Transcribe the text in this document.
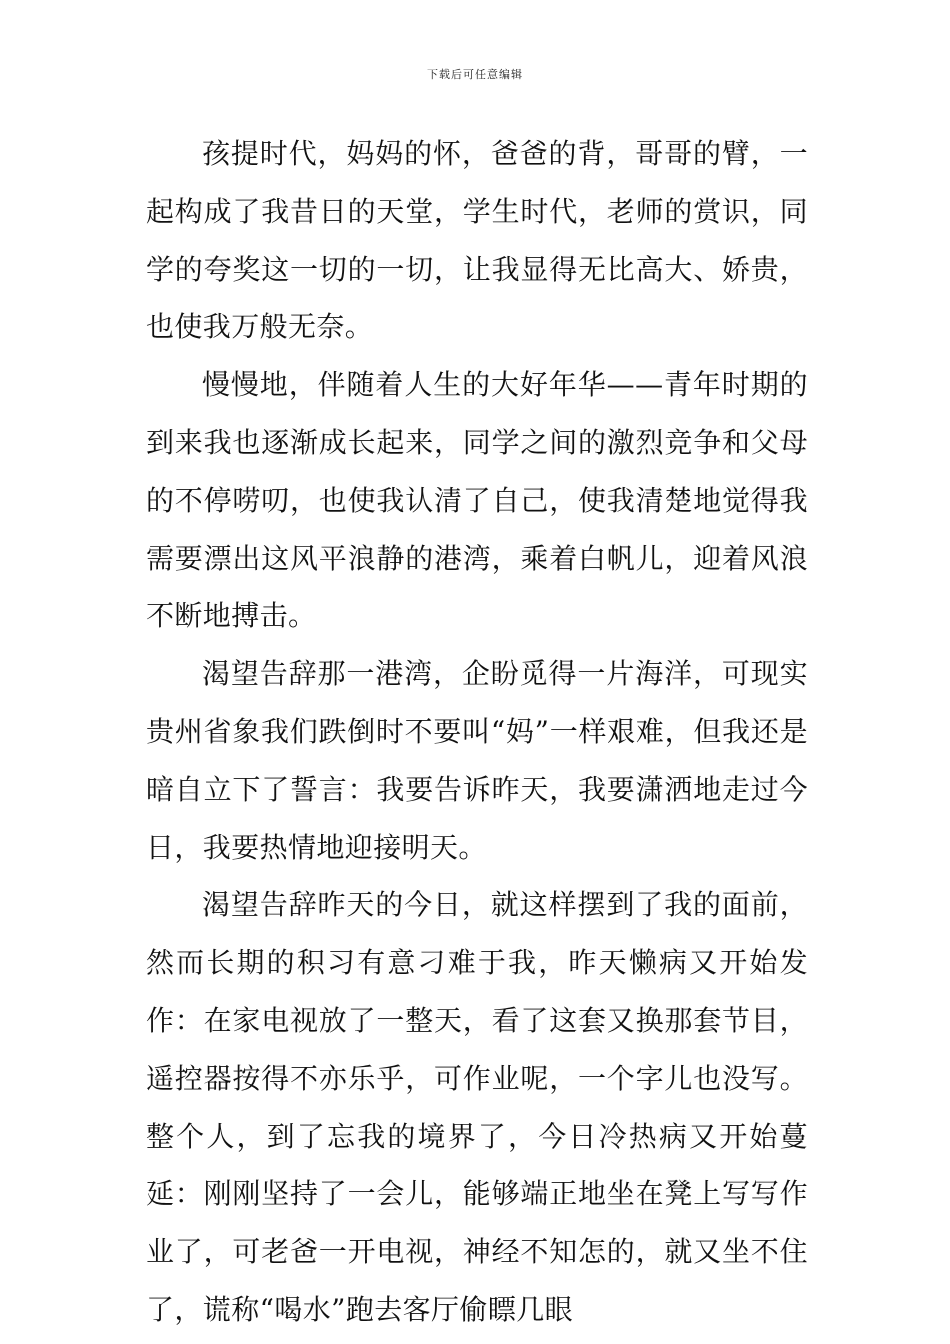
下载后可任意编辑

孩提时代，妈妈的怀，爸爸的背，哥哥的臂，一起构成了我昔日的天堂，学生时代，老师的赏识，同学的夸奖这一切的一切，让我显得无比高大、娇贵，也使我万般无奈。

慢慢地，伴随着人生的大好年华——青年时期的到来我也逐渐成长起来，同学之间的激烈竞争和父母的不停唠叨，也使我认清了自己，使我清楚地觉得我需要漂出这风平浪静的港湾，乘着白帆儿，迎着风浪不断地搏击。

渴望告辞那一港湾，企盼觅得一片海洋，可现实贵州省象我们跌倒时不要叫“妈”一样艰难，但我还是暗自立下了誓言：我要告诉昨天，我要潇洒地走过今日，我要热情地迎接明天。

渴望告辞昨天的今日，就这样摆到了我的面前，然而长期的积习有意刁难于我，昨天懒病又开始发作：在家电视放了一整天，看了这套又换那套节目，遥控器按得不亦乐乎，可作业呢，一个字儿也没写。整个人，到了忘我的境界了，今日冷热病又开始蔓延：刚刚坚持了一会儿，能够端正地坐在凳上写写作业了，可老爸一开电视，神经不知怎的，就又坐不住了，谎称“喝水”跑去客厅偷瞟几眼
